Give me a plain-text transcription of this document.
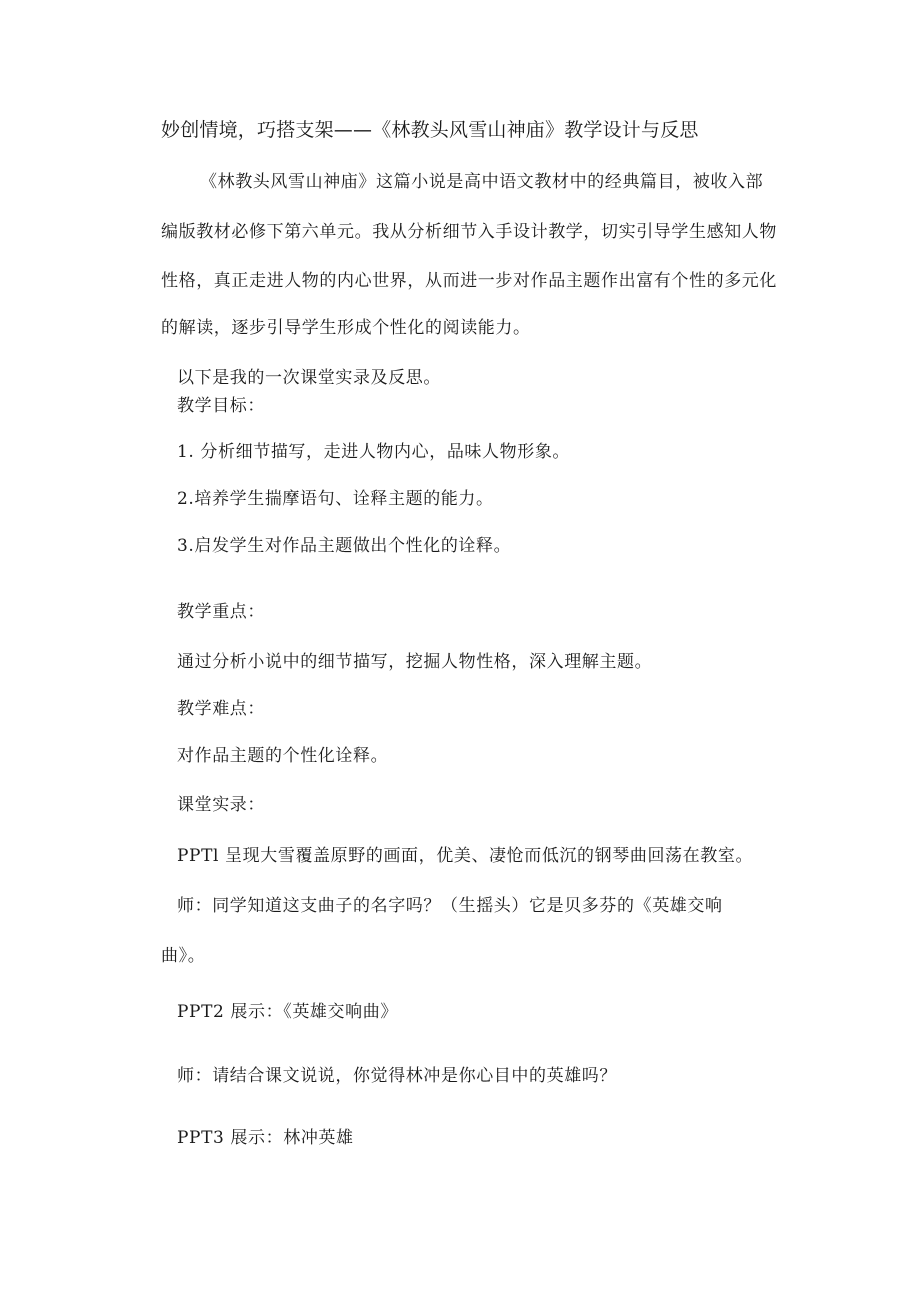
妙创情境，巧搭支架——《林教头风雪山神庙》教学设计与反思
《林教头风雪山神庙》这篇小说是高中语文教材中的经典篇目，被收入部
编版教材必修下第六单元。我从分析细节入手设计教学，切实引导学生感知人物
性格，真正走进人物的内心世界，从而进一步对作品主题作出富有个性的多元化
的解读，逐步引导学生形成个性化的阅读能力。
以下是我的一次课堂实录及反思。
教学目标：
1. 分析细节描写，走进人物内心，品味人物形象。
2.培养学生揣摩语句、诠释主题的能力。
3.启发学生对作品主题做出个性化的诠释。
教学重点：
通过分析小说中的细节描写，挖掘人物性格，深入理解主题。
教学难点：
对作品主题的个性化诠释。
课堂实录：
PPTl 呈现大雪覆盖原野的画面，优美、凄怆而低沉的钢琴曲回荡在教室。
师：同学知道这支曲子的名字吗？（生摇头）它是贝多芬的《英雄交响
曲》。
PPT2 展示：《英雄交响曲》
师：请结合课文说说，你觉得林冲是你心目中的英雄吗？
PPT3 展示：林冲英雄
